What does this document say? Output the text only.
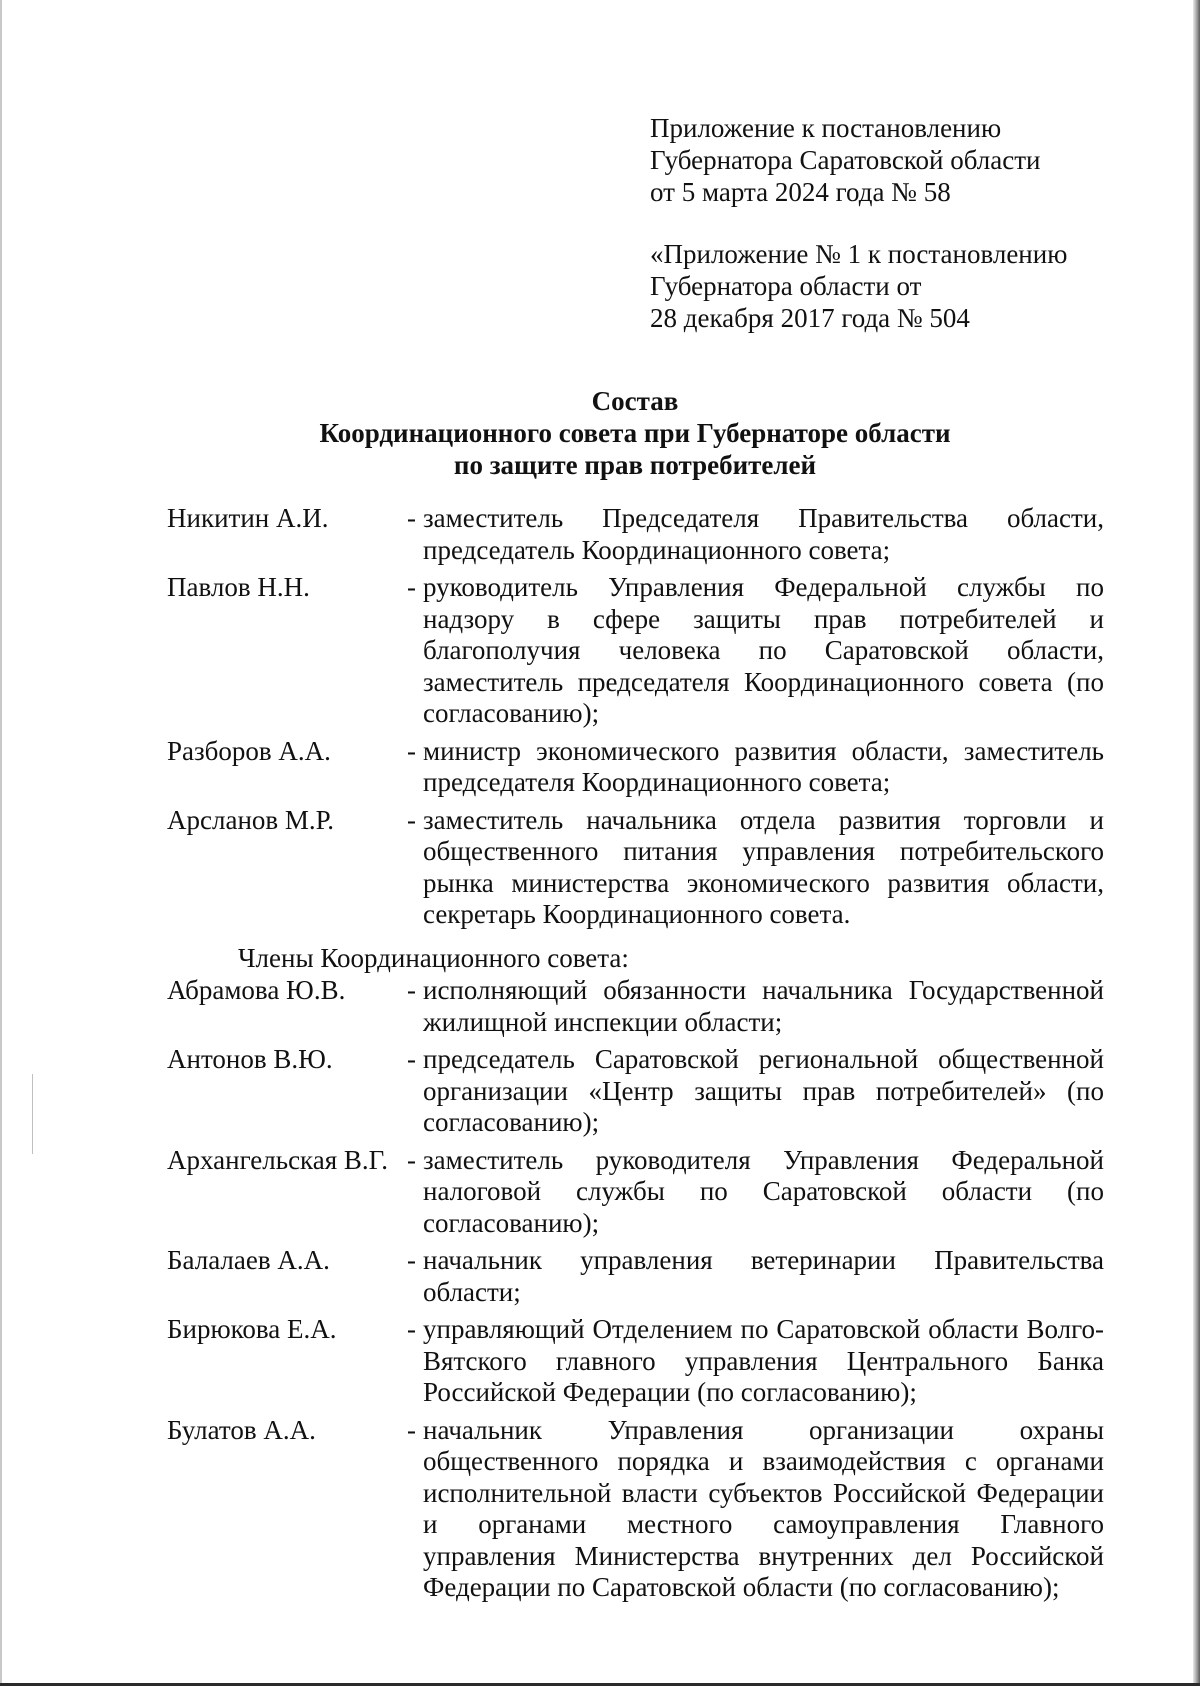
Приложение к постановлению

Губернатора Саратовской области

от 5 марта 2024 года № 58

«Приложение № 1 к постановлению

Губернатора области от

28 декабря 2017 года № 504

Состав
Координационного совета при Губернаторе области
по защите прав потребителей
Никитин А.И.	- заместитель Председателя Правительства области, председатель Координационного совета;
Павлов Н.Н.	- руководитель Управления Федеральной службы по надзору в сфере защиты прав потребителей и благополучия человека по Саратовской области, заместитель председателя Координационного совета (по согласованию);
Разборов А.А.	- министр экономического развития области, заместитель председателя Координационного совета;
Арсланов М.Р.	- заместитель начальника отдела развития торговли и общественного питания управления потребительского рынка министерства экономического развития области, секретарь Координационного совета.
Члены Координационного совета:
Абрамова Ю.В.	- исполняющий обязанности начальника Государственной жилищной инспекции области;
Антонов В.Ю.	- председатель Саратовской региональной общественной организации «Центр защиты прав потребителей» (по согласованию);
Архангельская В.Г. - заместитель руководителя Управления Федеральной налоговой службы по Саратовской области (по согласованию);
Балалаев А.А.	- начальник управления ветеринарии Правительства области;
Бирюкова Е.А.	- управляющий Отделением по Саратовской области Волго-Вятского главного управления Центрального Банка Российской Федерации (по согласованию);
Булатов А.А.	- начальник Управления организации охраны общественного порядка и взаимодействия с органами исполнительной власти субъектов Российской Федерации и органами местного самоуправления Главного управления Министерства внутренних дел Российской Федерации по Саратовской области (по согласованию);
